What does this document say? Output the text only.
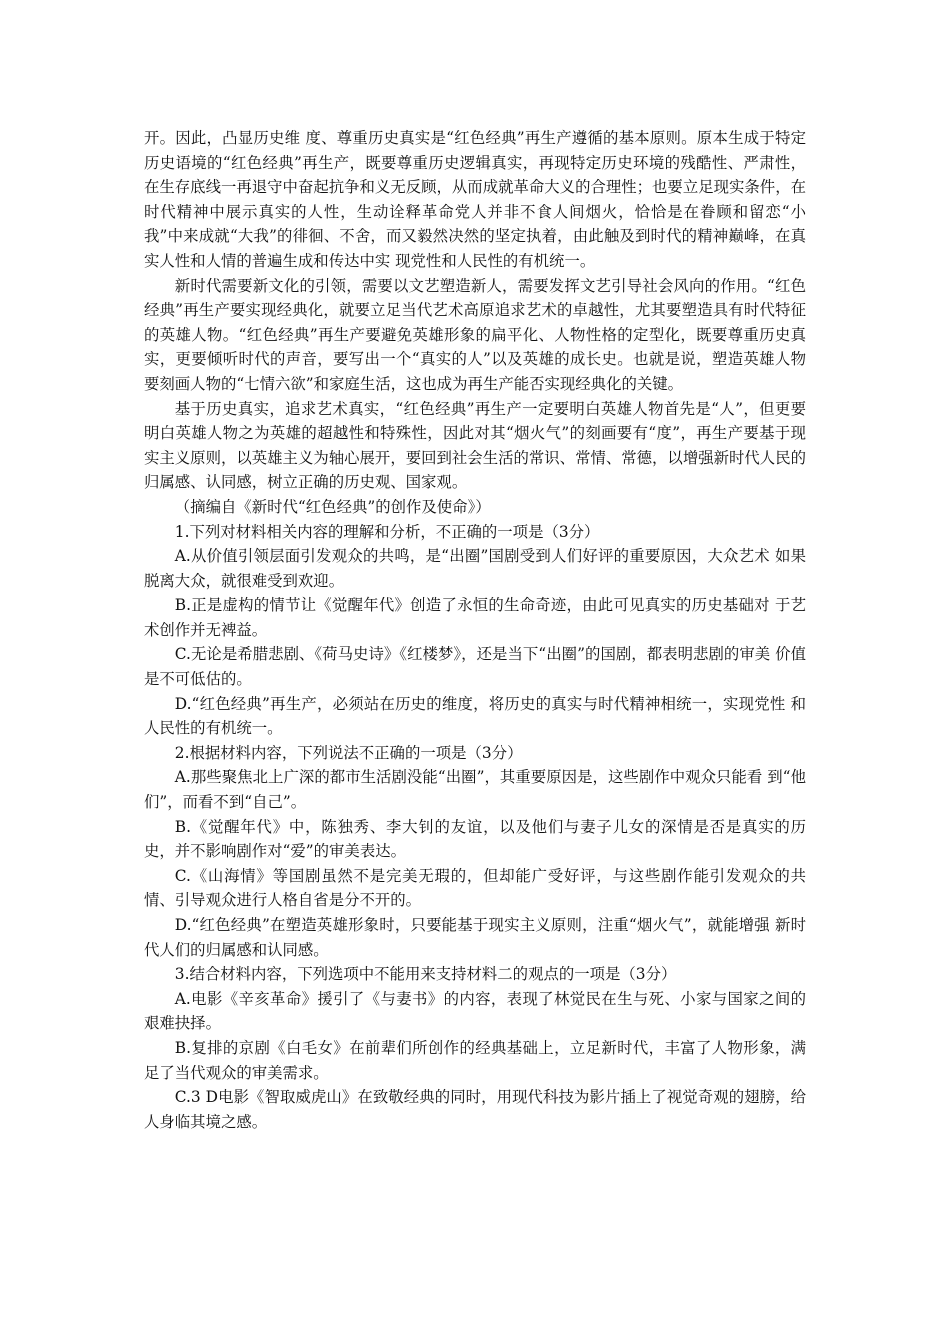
开。因此，凸显历史维 度、尊重历史真实是“红色经典”再生产遵循的基本原则。原本生成于特定历史语境的“红色经典”再生产，既要尊重历史逻辑真实，再现特定历史环境的残酷性、严肃性，在生存底线一再退守中奋起抗争和义无反顾，从而成就革命大义的合理性；也要立足现实条件，在时代精神中展示真实的人性，生动诠释革命党人并非不食人间烟火，恰恰是在眷顾和留恋“小我”中来成就“大我”的徘徊、不舍，而又毅然决然的坚定执着，由此触及到时代的精神巅峰，在真实人性和人情的普遍生成和传达中实 现党性和人民性的有机统一。

新时代需要新文化的引领，需要以文艺塑造新人，需要发挥文艺引导社会风向的作用。“红色 经典”再生产要实现经典化，就要立足当代艺术高原追求艺术的卓越性，尤其要塑造具有时代特征的英雄人物。“红色经典”再生产要避免英雄形象的扁平化、人物性格的定型化，既要尊重历史真实，更要倾听时代的声音，要写出一个“真实的人”以及英雄的成长史。也就是说，塑造英雄人物要刻画人物的“七情六欲”和家庭生活，这也成为再生产能否实现经典化的关键。

基于历史真实，追求艺术真实，“红色经典”再生产一定要明白英雄人物首先是“人”，但更要明白英雄人物之为英雄的超越性和特殊性，因此对其“烟火气”的刻画要有“度”，再生产要基于现实主义原则，以英雄主义为轴心展开，要回到社会生活的常识、常情、常德，以增强新时代人民的归属感、认同感，树立正确的历史观、国家观。

（摘编自《新时代“红色经典”的创作及使命》）

1.下列对材料相关内容的理解和分析，不正确的一项是（3分）

A.从价值引领层面引发观众的共鸣，是“出圈”国剧受到人们好评的重要原因，大众艺术 如果脱离大众，就很难受到欢迎。

B.正是虚构的情节让《觉醒年代》创造了永恒的生命奇迹，由此可见真实的历史基础对 于艺术创作并无裨益。

C.无论是希腊悲剧、《荷马史诗》《红楼梦》，还是当下“出圈”的国剧，都表明悲剧的审美 价值是不可低估的。

D.“红色经典”再生产，必须站在历史的维度，将历史的真实与时代精神相统一，实现党性 和人民性的有机统一。

2.根据材料内容，下列说法不正确的一项是（3分）

A.那些聚焦北上广深的都市生活剧没能“出圈”，其重要原因是，这些剧作中观众只能看 到“他们”，而看不到“自己”。

B.《觉醒年代》中，陈独秀、李大钊的友谊，以及他们与妻子儿女的深情是否是真实的历 史，并不影响剧作对“爱”的审美表达。

C.《山海情》等国剧虽然不是完美无瑕的，但却能广受好评，与这些剧作能引发观众的共 情、引导观众进行人格自省是分不开的。

D.“红色经典”在塑造英雄形象时，只要能基于现实主义原则，注重“烟火气”，就能增强 新时代人们的归属感和认同感。

3.结合材料内容，下列选项中不能用来支持材料二的观点的一项是（3分）

A.电影《辛亥革命》援引了《与妻书》的内容，表现了林觉民在生与死、小家与国家之间的艰难抉择。

B.复排的京剧《白毛女》在前辈们所创作的经典基础上，立足新时代，丰富了人物形象，满足了当代观众的审美需求。

C.3 D电影《智取威虎山》在致敬经典的同时，用现代科技为影片插上了视觉奇观的翅膀，给人身临其境之感。
